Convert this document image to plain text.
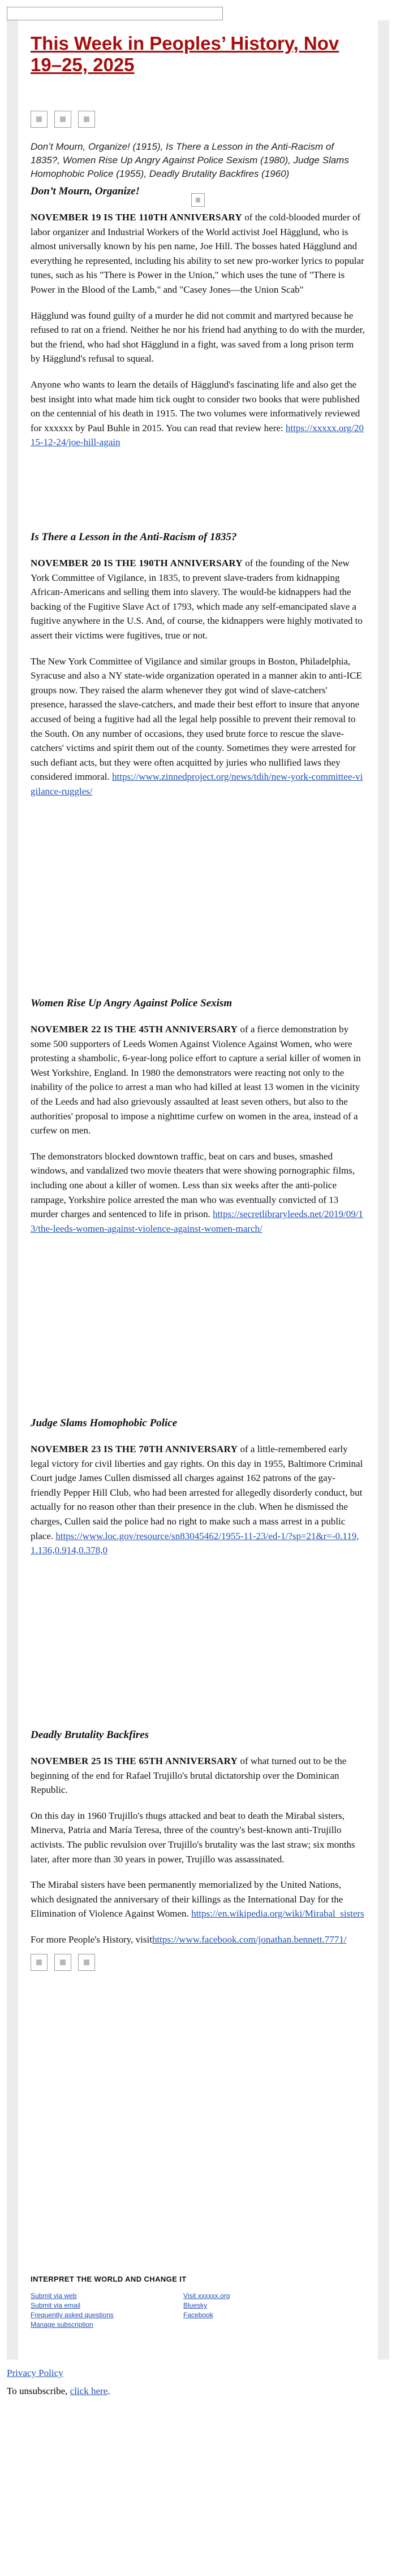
This Week in Peoples’ History, Nov 19–25, 2025
Don’t Mourn, Organize! (1915), Is There a Lesson in the Anti-Racism of 1835?, Women Rise Up Angry Against Police Sexism (1980), Judge Slams Homophobic Police (1955), Deadly Brutality Backfires (1960)
Don’t Mourn, Organize!

NOVEMBER 19 IS THE 110TH ANNIVERSARY of the cold-blooded murder of labor organizer and Industrial Workers of the World activist Joel Hägglund, who is almost universally known by his pen name, Joe Hill. The bosses hated Hägglund and everything he represented, including his ability to set new pro-worker lyrics to popular tunes, such as his "There is Power in the Union," which uses the tune of "There is Power in the Blood of the Lamb," and "Casey Jones—the Union Scab"

Hägglund was found guilty of a murder he did not commit and martyred because he refused to rat on a friend. Neither he nor his friend had anything to do with the murder, but the friend, who had shot Hägglund in a fight, was saved from a long prison term by Hägglund's refusal to squeal.

Anyone who wants to learn the details of Hägglund's fascinating life and also get the best insight into what made him tick ought to consider two books that were published on the centennial of his death in 1915. The two volumes were informatively reviewed for xxxxxx by Paul Buhle in 2015. You can read that review here: https://xxxxx.org/2015-12-24/joe-hill-again

Is There a Lesson in the Anti-Racism of 1835?

NOVEMBER 20 IS THE 190TH ANNIVERSARY of the founding of the New York Committee of Vigilance, in 1835, to prevent slave-traders from kidnapping African-Americans and selling them into slavery. The would-be kidnappers had the backing of the Fugitive Slave Act of 1793, which made any self-emancipated slave a fugitive anywhere in the U.S. And, of course, the kidnappers were highly motivated to assert their victims were fugitives, true or not.

The New York Committee of Vigilance and similar groups in Boston, Philadelphia, Syracuse and also a NY state-wide organization operated in a manner akin to anti-ICE groups now. They raised the alarm whenever they got wind of slave-catchers' presence, harassed the slave-catchers, and made their best effort to insure that anyone accused of being a fugitive had all the legal help possible to prevent their removal to the South. On any number of occasions, they used brute force to rescue the slave-catchers' victims and spirit them out of the county. Sometimes they were arrested for such defiant acts, but they were often acquitted by juries who nullified laws they considered immoral. https://www.zinnedproject.org/news/tdih/new-york-committee-vigilance-ruggles/

Women Rise Up Angry Against Police Sexism

NOVEMBER 22 IS THE 45TH ANNIVERSARY of a fierce demonstration by some 500 supporters of Leeds Women Against Violence Against Women, who were protesting a shambolic, 6-year-long police effort to capture a serial killer of women in West Yorkshire, England. In 1980 the demonstrators were reacting not only to the inability of the police to arrest a man who had killed at least 13 women in the vicinity of the Leeds and had also grievously assaulted at least seven others, but also to the authorities' proposal to impose a nighttime curfew on women in the area, instead of a curfew on men.

The demonstrators blocked downtown traffic, beat on cars and buses, smashed windows, and vandalized two movie theaters that were showing pornographic films, including one about a killer of women. Less than six weeks after the anti-police rampage, Yorkshire police arrested the man who was eventually convicted of 13 murder charges and sentenced to life in prison. https://secretlibraryleeds.net/2019/09/13/the-leeds-women-against-violence-against-women-march/

Judge Slams Homophobic Police

NOVEMBER 23 IS THE 70TH ANNIVERSARY of a little-remembered early legal victory for civil liberties and gay rights. On this day in 1955, Baltimore Criminal Court judge James Cullen dismissed all charges against 162 patrons of the gay-friendly Pepper Hill Club, who had been arrested for allegedly disorderly conduct, but actually for no reason other than their presence in the club. When he dismissed the charges, Cullen said the police had no right to make such a mass arrest in a public place. https://www.loc.gov/resource/sn83045462/1955-11-23/ed-1/?sp=21&r=-0.119,1.136,0.914,0.378,0

Deadly Brutality Backfires

NOVEMBER 25 IS THE 65TH ANNIVERSARY of what turned out to be the beginning of the end for Rafael Trujillo's brutal dictatorship over the Dominican Republic.

On this day in 1960 Trujillo's thugs attacked and beat to death the Mirabal sisters, Minerva, Patria and María Teresa, three of the country's best-known anti-Trujillo activists. The public revulsion over Trujillo's brutality was the last straw; six months later, after more than 30 years in power, Trujillo was assassinated.

The Mirabal sisters have been permanently memorialized by the United Nations, which designated the anniversary of their killings as the International Day for the Elimination of Violence Against Women. https://en.wikipedia.org/wiki/Mirabal_sisters

For more People's History, visithttps://www.facebook.com/jonathan.bennett.7771/

INTERPRET THE WORLD AND CHANGE IT
Submit via web
Submit via email
Frequently asked questions
Manage subscription
Visit xxxxxx.org
Bluesky
Facebook
Privacy Policy
To unsubscribe, click here.
